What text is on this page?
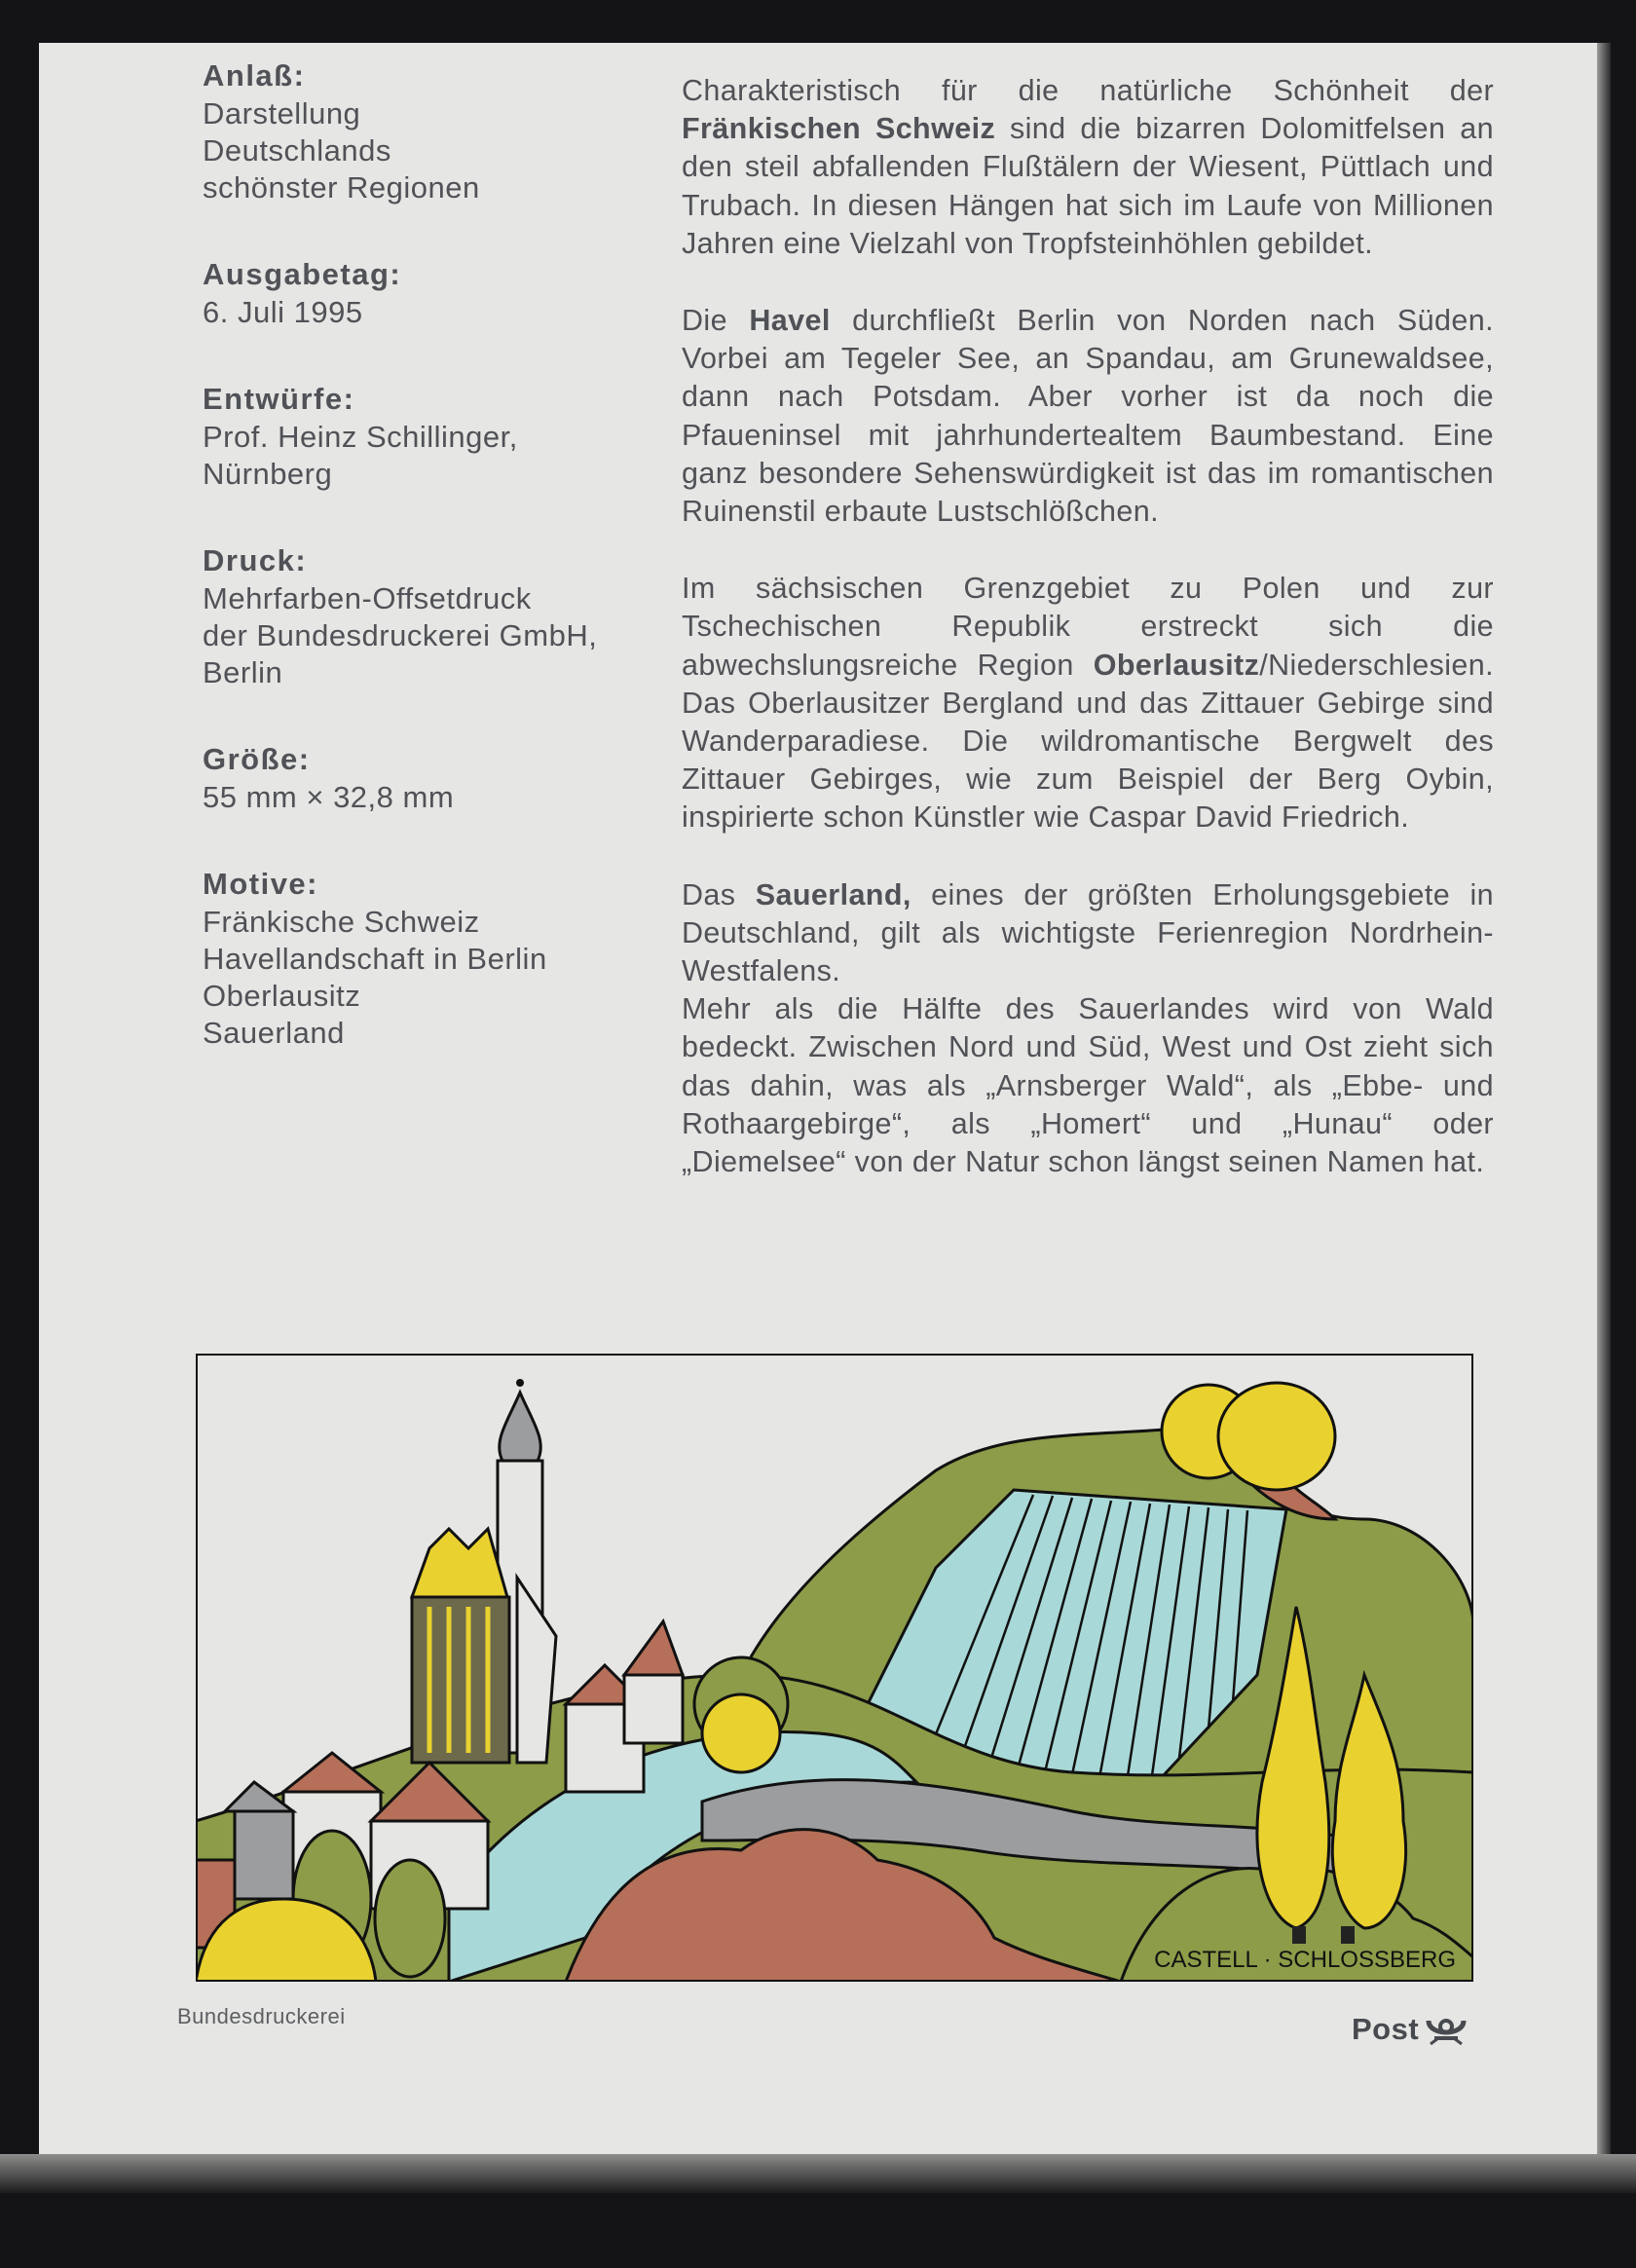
Anlaß:
Darstellung
Deutschlands
schönster Regionen
Ausgabetag:
6. Juli 1995
Entwürfe:
Prof. Heinz Schillinger,
Nürnberg
Druck:
Mehrfarben-Offsetdruck
der Bundesdruckerei GmbH,
Berlin
Größe:
55 mm × 32,8 mm
Motive:
Fränkische Schweiz
Havellandschaft in Berlin
Oberlausitz
Sauerland

Charakteristisch für die natürliche Schönheit der Fränkischen Schweiz sind die bizarren Dolomitfelsen an den steil abfallenden Flußtälern der Wiesent, Püttlach und Trubach. In diesen Hängen hat sich im Laufe von Millionen Jahren eine Vielzahl von Tropfsteinhöhlen gebildet.

Die Havel durchfließt Berlin von Norden nach Süden. Vorbei am Tegeler See, an Spandau, am Grunewaldsee, dann nach Potsdam. Aber vorher ist da noch die Pfaueninsel mit jahrhundertealtem Baumbestand. Eine ganz besondere Sehenswürdigkeit ist das im romantischen Ruinenstil erbaute Lustschlößchen.

Im sächsischen Grenzgebiet zu Polen und zur Tschechischen Republik erstreckt sich die abwechslungsreiche Region Oberlausitz/Niederschlesien. Das Oberlausitzer Bergland und das Zittauer Gebirge sind Wanderparadiese. Die wildromantische Bergwelt des Zittauer Gebirges, wie zum Beispiel der Berg Oybin, inspirierte schon Künstler wie Caspar David Friedrich.

Das Sauerland, eines der größten Erholungsgebiete in Deutschland, gilt als wichtigste Ferienregion Nordrhein-Westfalens.

Mehr als die Hälfte des Sauerlandes wird von Wald bedeckt. Zwischen Nord und Süd, West und Ost zieht sich das dahin, was als „Arnsberger Wald“, als „Ebbe- und Rothaargebirge“, als „Homert“ und „Hunau“ oder „Diemelsee“ von der Natur schon längst seinen Namen hat.

CASTELL · SCHLOSSBERG
Bundesdruckerei	Post
